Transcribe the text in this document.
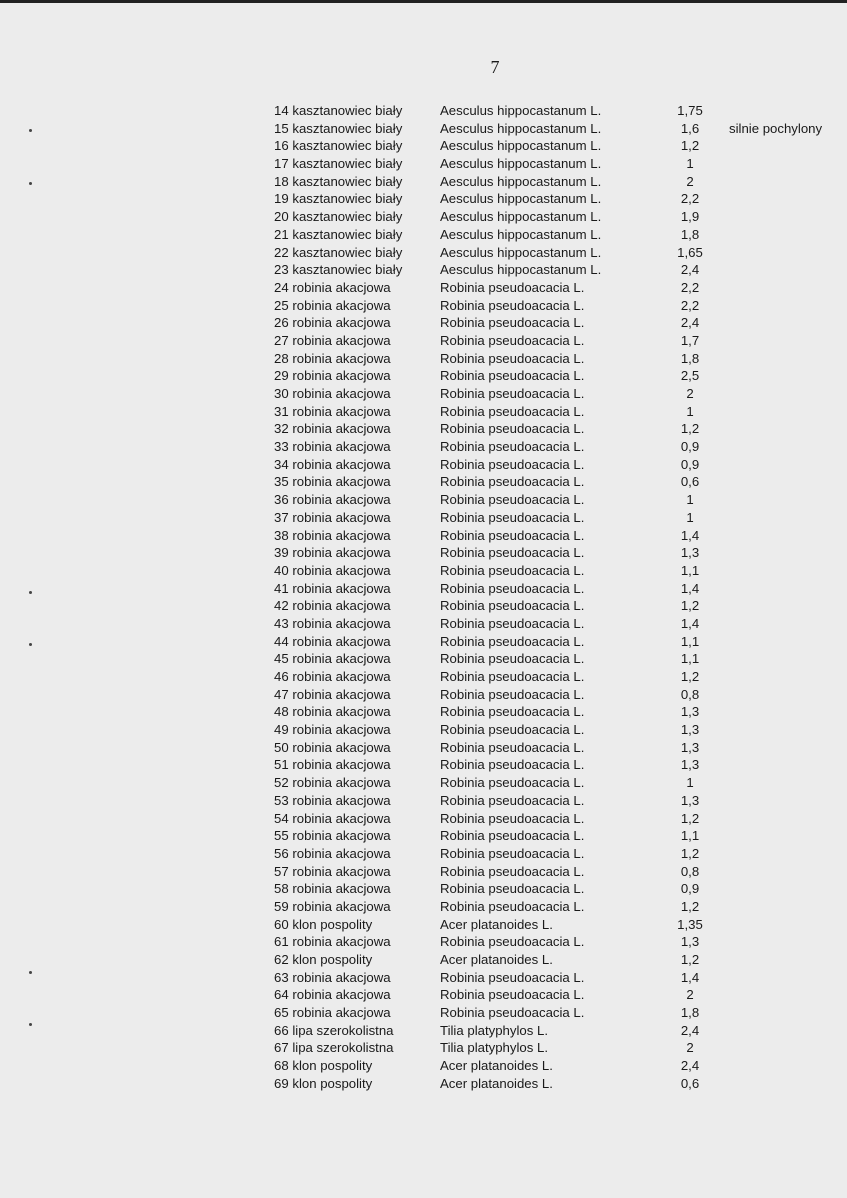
7
14 kasztanowiec biały	Aesculus hippocastanum L.	1,75
15 kasztanowiec biały	Aesculus hippocastanum L.	1,6	silnie pochylony
16 kasztanowiec biały	Aesculus hippocastanum L.	1,2
17 kasztanowiec biały	Aesculus hippocastanum L.	1
18 kasztanowiec biały	Aesculus hippocastanum L.	2
19 kasztanowiec biały	Aesculus hippocastanum L.	2,2
20 kasztanowiec biały	Aesculus hippocastanum L.	1,9
21 kasztanowiec biały	Aesculus hippocastanum L.	1,8
22 kasztanowiec biały	Aesculus hippocastanum L.	1,65
23 kasztanowiec biały	Aesculus hippocastanum L.	2,4
24 robinia akacjowa	Robinia pseudoacacia L.	2,2
25 robinia akacjowa	Robinia pseudoacacia L.	2,2
26 robinia akacjowa	Robinia pseudoacacia L.	2,4
27 robinia akacjowa	Robinia pseudoacacia L.	1,7
28 robinia akacjowa	Robinia pseudoacacia L.	1,8
29 robinia akacjowa	Robinia pseudoacacia L.	2,5
30 robinia akacjowa	Robinia pseudoacacia L.	2
31 robinia akacjowa	Robinia pseudoacacia L.	1
32 robinia akacjowa	Robinia pseudoacacia L.	1,2
33 robinia akacjowa	Robinia pseudoacacia L.	0,9
34 robinia akacjowa	Robinia pseudoacacia L.	0,9
35 robinia akacjowa	Robinia pseudoacacia L.	0,6
36 robinia akacjowa	Robinia pseudoacacia L.	1
37 robinia akacjowa	Robinia pseudoacacia L.	1
38 robinia akacjowa	Robinia pseudoacacia L.	1,4
39 robinia akacjowa	Robinia pseudoacacia L.	1,3
40 robinia akacjowa	Robinia pseudoacacia L.	1,1
41 robinia akacjowa	Robinia pseudoacacia L.	1,4
42 robinia akacjowa	Robinia pseudoacacia L.	1,2
43 robinia akacjowa	Robinia pseudoacacia L.	1,4
44 robinia akacjowa	Robinia pseudoacacia L.	1,1
45 robinia akacjowa	Robinia pseudoacacia L.	1,1
46 robinia akacjowa	Robinia pseudoacacia L.	1,2
47 robinia akacjowa	Robinia pseudoacacia L.	0,8
48 robinia akacjowa	Robinia pseudoacacia L.	1,3
49 robinia akacjowa	Robinia pseudoacacia L.	1,3
50 robinia akacjowa	Robinia pseudoacacia L.	1,3
51 robinia akacjowa	Robinia pseudoacacia L.	1,3
52 robinia akacjowa	Robinia pseudoacacia L.	1
53 robinia akacjowa	Robinia pseudoacacia L.	1,3
54 robinia akacjowa	Robinia pseudoacacia L.	1,2
55 robinia akacjowa	Robinia pseudoacacia L.	1,1
56 robinia akacjowa	Robinia pseudoacacia L.	1,2
57 robinia akacjowa	Robinia pseudoacacia L.	0,8
58 robinia akacjowa	Robinia pseudoacacia L.	0,9
59 robinia akacjowa	Robinia pseudoacacia L.	1,2
60 klon pospolity	Acer platanoides L.	1,35
61 robinia akacjowa	Robinia pseudoacacia L.	1,3
62 klon pospolity	Acer platanoides L.	1,2
63 robinia akacjowa	Robinia pseudoacacia L.	1,4
64 robinia akacjowa	Robinia pseudoacacia L.	2
65 robinia akacjowa	Robinia pseudoacacia L.	1,8
66 lipa szerokolistna	Tilia platyphylos L.	2,4
67 lipa szerokolistna	Tilia platyphylos L.	2
68 klon pospolity	Acer platanoides L.	2,4
69 klon pospolity	Acer platanoides L.	0,6
